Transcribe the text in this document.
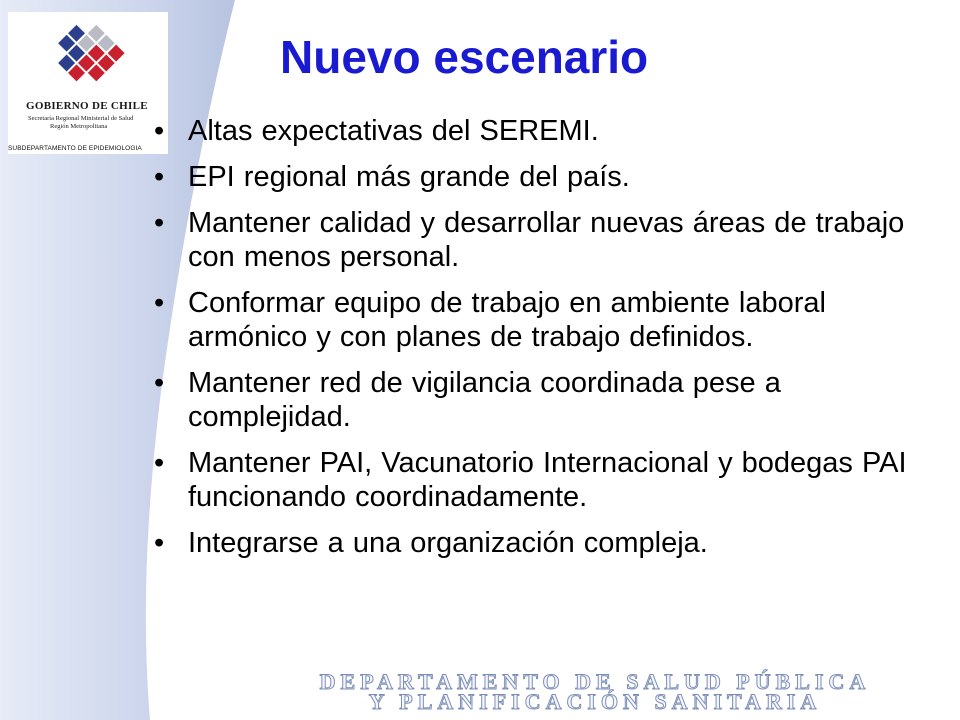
GOBIERNO DE CHILE
Secretaría Regional Ministerial de Salud
Región Metropolitana
SUBDEPARTAMENTO DE EPIDEMIOLOGIA
Nuevo escenario
• Altas expectativas del SEREMI.
• EPI regional más grande del país.
• Mantener calidad y desarrollar nuevas áreas de trabajo con menos personal.
• Conformar equipo de trabajo en ambiente laboral armónico y con planes de trabajo definidos.
• Mantener red de vigilancia coordinada pese a complejidad.
• Mantener PAI, Vacunatorio Internacional y bodegas PAI funcionando coordinadamente.
• Integrarse a una organización compleja.
DEPARTAMENTO DE SALUD PÚBLICA
Y PLANIFICACIÓN SANITARIA
